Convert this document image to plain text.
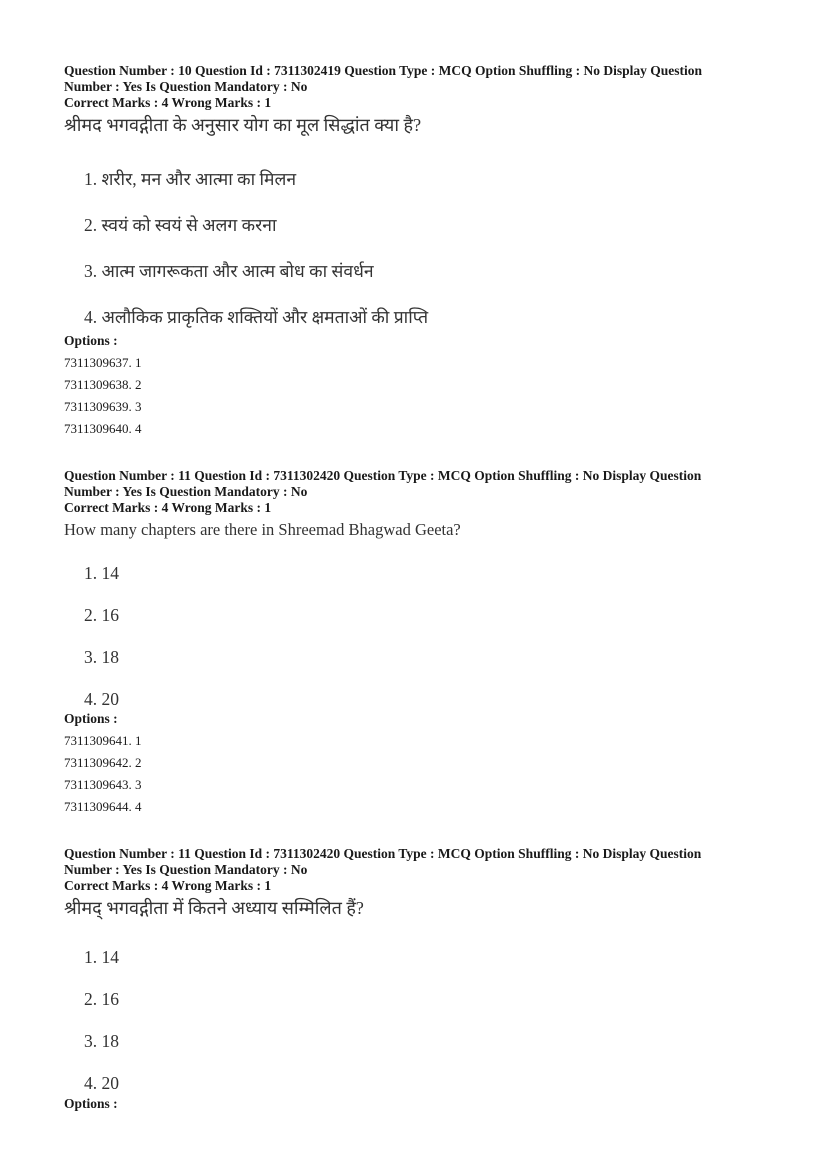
Question Number : 10 Question Id : 7311302419 Question Type : MCQ Option Shuffling : No Display Question

Number : Yes Is Question Mandatory : No

Correct Marks : 4 Wrong Marks : 1

श्रीमद भगवद्गीता के अनुसार योग का मूल सिद्धांत क्या है?

1. शरीर, मन और आत्मा का मिलन
2. स्वयं को स्वयं से अलग करना
3. आत्म जागरूकता और आत्म बोध का संवर्धन
4. अलौकिक प्राकृतिक शक्तियों और क्षमताओं की प्राप्ति
Options :
7311309637. 1
7311309638. 2
7311309639. 3
7311309640. 4

Question Number : 11 Question Id : 7311302420 Question Type : MCQ Option Shuffling : No Display Question

Number : Yes Is Question Mandatory : No

Correct Marks : 4 Wrong Marks : 1

How many chapters are there in Shreemad Bhagwad Geeta?

1. 14
2. 16
3. 18
4. 20
Options :
7311309641. 1
7311309642. 2
7311309643. 3
7311309644. 4

Question Number : 11 Question Id : 7311302420 Question Type : MCQ Option Shuffling : No Display Question

Number : Yes Is Question Mandatory : No

Correct Marks : 4 Wrong Marks : 1

श्रीमद् भगवद्गीता में कितने अध्याय सम्मिलित हैं?

1. 14
2. 16
3. 18
4. 20
Options :
